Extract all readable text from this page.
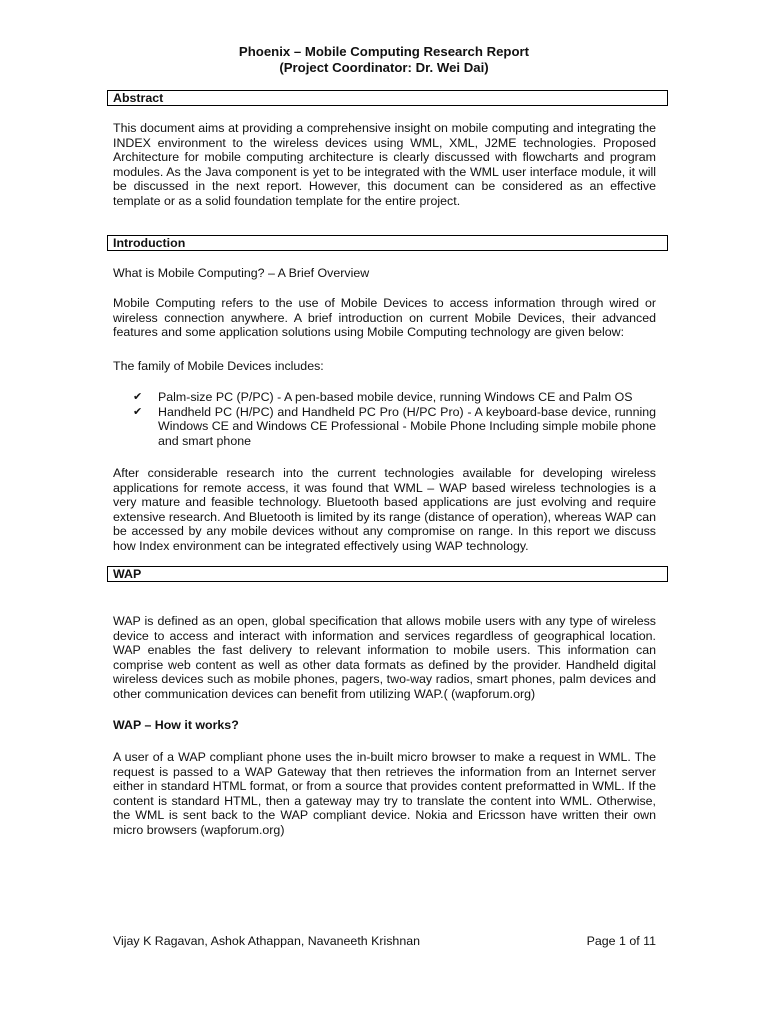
Phoenix – Mobile Computing Research Report
(Project Coordinator: Dr. Wei Dai)
Abstract

This document aims at providing a comprehensive insight on mobile computing and integrating the INDEX environment to the wireless devices using WML, XML, J2ME technologies. Proposed Architecture for mobile computing architecture is clearly discussed with flowcharts and program modules. As the Java component is yet to be integrated with the WML user interface module, it will be discussed in the next report. However, this document can be considered as an effective template or as a solid foundation template for the entire project.

Introduction

What is Mobile Computing? – A Brief Overview

Mobile Computing refers to the use of Mobile Devices to access information through wired or wireless connection anywhere. A brief introduction on current Mobile Devices, their advanced features and some application solutions using Mobile Computing technology are given below:

The family of Mobile Devices includes:

✔ Palm-size PC (P/PC) - A pen-based mobile device, running Windows CE and Palm OS
✔ Handheld PC (H/PC) and Handheld PC Pro (H/PC Pro) - A keyboard-base device, running Windows CE and Windows CE Professional - Mobile Phone Including simple mobile phone and smart phone

After considerable research into the current technologies available for developing wireless applications for remote access, it was found that WML – WAP based wireless technologies is a very mature and feasible technology. Bluetooth based applications are just evolving and require extensive research. And Bluetooth is limited by its range (distance of operation), whereas WAP can be accessed by any mobile devices without any compromise on range. In this report we discuss how Index environment can be integrated effectively using WAP technology.

WAP

WAP is defined as an open, global specification that allows mobile users with any type of wireless device to access and interact with information and services regardless of geographical location. WAP enables the fast delivery to relevant information to mobile users. This information can comprise web content as well as other data formats as defined by the provider. Handheld digital wireless devices such as mobile phones, pagers, two-way radios, smart phones, palm devices and other communication devices can benefit from utilizing WAP.( (wapforum.org)

WAP – How it works?

A user of a WAP compliant phone uses the in-built micro browser to make a request in WML. The request is passed to a WAP Gateway that then retrieves the information from an Internet server either in standard HTML format, or from a source that provides content preformatted in WML. If the content is standard HTML, then a gateway may try to translate the content into WML. Otherwise, the WML is sent back to the WAP compliant device. Nokia and Ericsson have written their own micro browsers (wapforum.org)

Vijay K Ragavan, Ashok Athappan, Navaneeth Krishnan	Page 1 of 11
